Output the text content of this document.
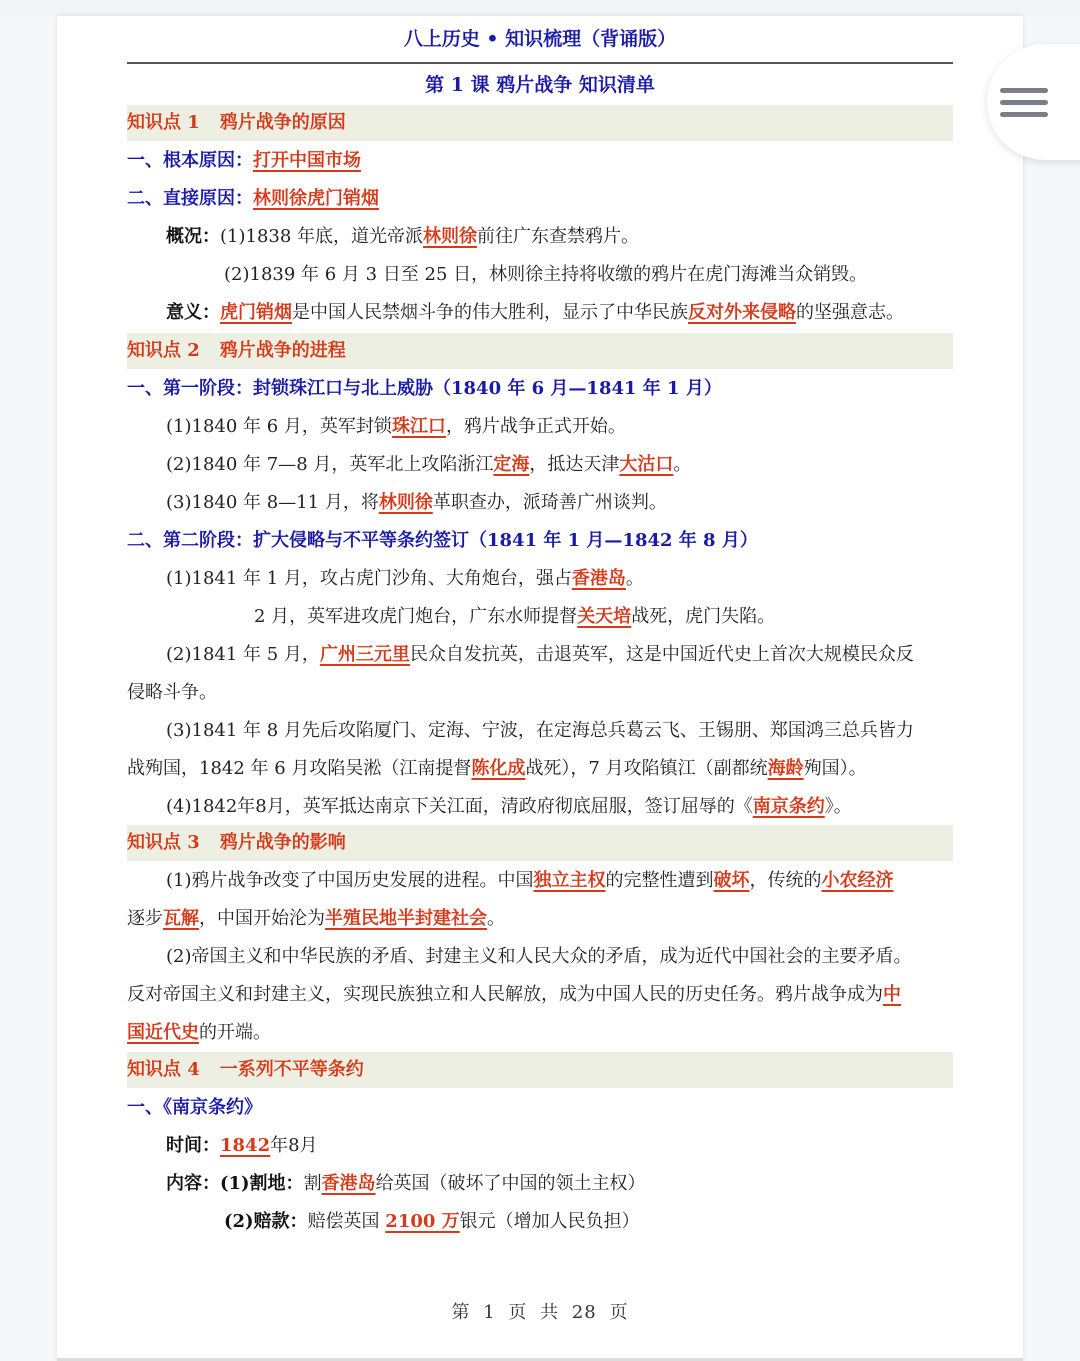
八上历史 • 知识梳理（背诵版）
第 1 课 鸦片战争 知识清单
知识点 1 鸦片战争的原因
一、根本原因：打开中国市场
二、直接原因：林则徐虎门销烟
概况：(1)1838 年底，道光帝派林则徐前往广东查禁鸦片。
(2)1839 年 6 月 3 日至 25 日，林则徐主持将收缴的鸦片在虎门海滩当众销毁。
意义：虎门销烟是中国人民禁烟斗争的伟大胜利，显示了中华民族反对外来侵略的坚强意志。
知识点 2 鸦片战争的进程
一、第一阶段：封锁珠江口与北上威胁（1840 年 6 月—1841 年 1 月）
(1)1840 年 6 月，英军封锁珠江口，鸦片战争正式开始。
(2)1840 年 7—8 月，英军北上攻陷浙江定海，抵达天津大沽口。
(3)1840 年 8—11 月，将林则徐革职查办，派琦善广州谈判。
二、第二阶段：扩大侵略与不平等条约签订（1841 年 1 月—1842 年 8 月）
(1)1841 年 1 月，攻占虎门沙角、大角炮台，强占香港岛。
2 月，英军进攻虎门炮台，广东水师提督关天培战死，虎门失陷。
(2)1841 年 5 月，广州三元里民众自发抗英，击退英军，这是中国近代史上首次大规模民众反
侵略斗争。
(3)1841 年 8 月先后攻陷厦门、定海、宁波，在定海总兵葛云飞、王锡朋、郑国鸿三总兵皆力
战殉国，1842 年 6 月攻陷吴淞（江南提督陈化成战死），7 月攻陷镇江（副都统海龄殉国）。
(4)1842年8月，英军抵达南京下关江面，清政府彻底屈服，签订屈辱的《南京条约》。
知识点 3 鸦片战争的影响
(1)鸦片战争改变了中国历史发展的进程。中国独立主权的完整性遭到破坏，传统的小农经济
逐步瓦解，中国开始沦为半殖民地半封建社会。
(2)帝国主义和中华民族的矛盾、封建主义和人民大众的矛盾，成为近代中国社会的主要矛盾。
反对帝国主义和封建主义，实现民族独立和人民解放，成为中国人民的历史任务。鸦片战争成为中
国近代史的开端。
知识点 4 一系列不平等条约
一、《南京条约》
时间：1842年8月
内容：(1)割地：割香港岛给英国（破坏了中国的领土主权）
(2)赔款：赔偿英国 2100 万银元（增加人民负担）
第 1 页 共 28 页
